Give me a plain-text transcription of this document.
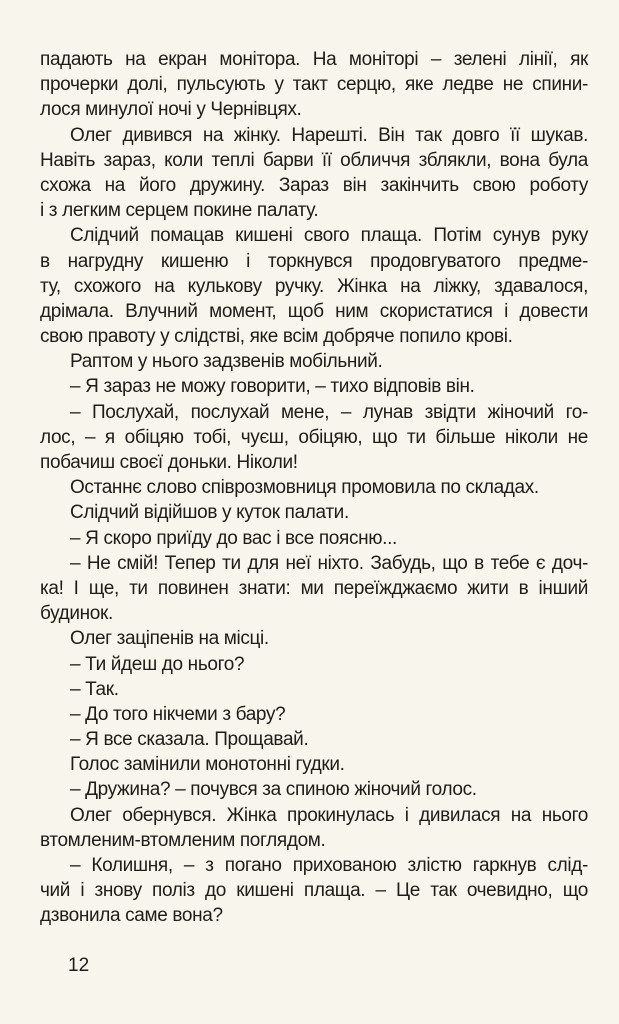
падають на екран монітора. На моніторі – зелені лінії, як
прочерки долі, пульсують у такт серцю, яке ледве не спини-
лося минулої ночі у Чернівцях.
Олег дивився на жінку. Нарешті. Він так довго її шукав.
Навіть зараз, коли теплі барви її обличчя зблякли, вона була
схожа на його дружину. Зараз він закінчить свою роботу
і з легким серцем покине палату.
Слідчий помацав кишені свого плаща. Потім сунув руку
в нагрудну кишеню і торкнувся продовгуватого предме-
ту, схожого на кулькову ручку. Жінка на ліжку, здавалося,
дрімала. Влучний момент, щоб ним скористатися і довести
свою правоту у слідстві, яке всім добряче попило крові.
Раптом у нього задзвенів мобільний.
– Я зараз не можу говорити, – тихо відповів він.
– Послухай, послухай мене, – лунав звідти жіночий го-
лос, – я обіцяю тобі, чуєш, обіцяю, що ти більше ніколи не
побачиш своєї доньки. Ніколи!
Останнє слово співрозмовниця промовила по складах.
Слідчий відійшов у куток палати.
– Я скоро приїду до вас і все поясню...
– Не смій! Тепер ти для неї ніхто. Забудь, що в тебе є доч-
ка! І ще, ти повинен знати: ми переїжджаємо жити в інший
будинок.
Олег заціпенів на місці.
– Ти йдеш до нього?
– Так.
– До того нікчеми з бару?
– Я все сказала. Прощавай.
Голос замінили монотонні гудки.
– Дружина? – почувся за спиною жіночий голос.
Олег обернувся. Жінка прокинулась і дивилася на нього
втомленим-втомленим поглядом.
– Колишня, – з погано прихованою злістю гаркнув слід-
чий і знову поліз до кишені плаща. – Це так очевидно, що
дзвонила саме вона?
12
